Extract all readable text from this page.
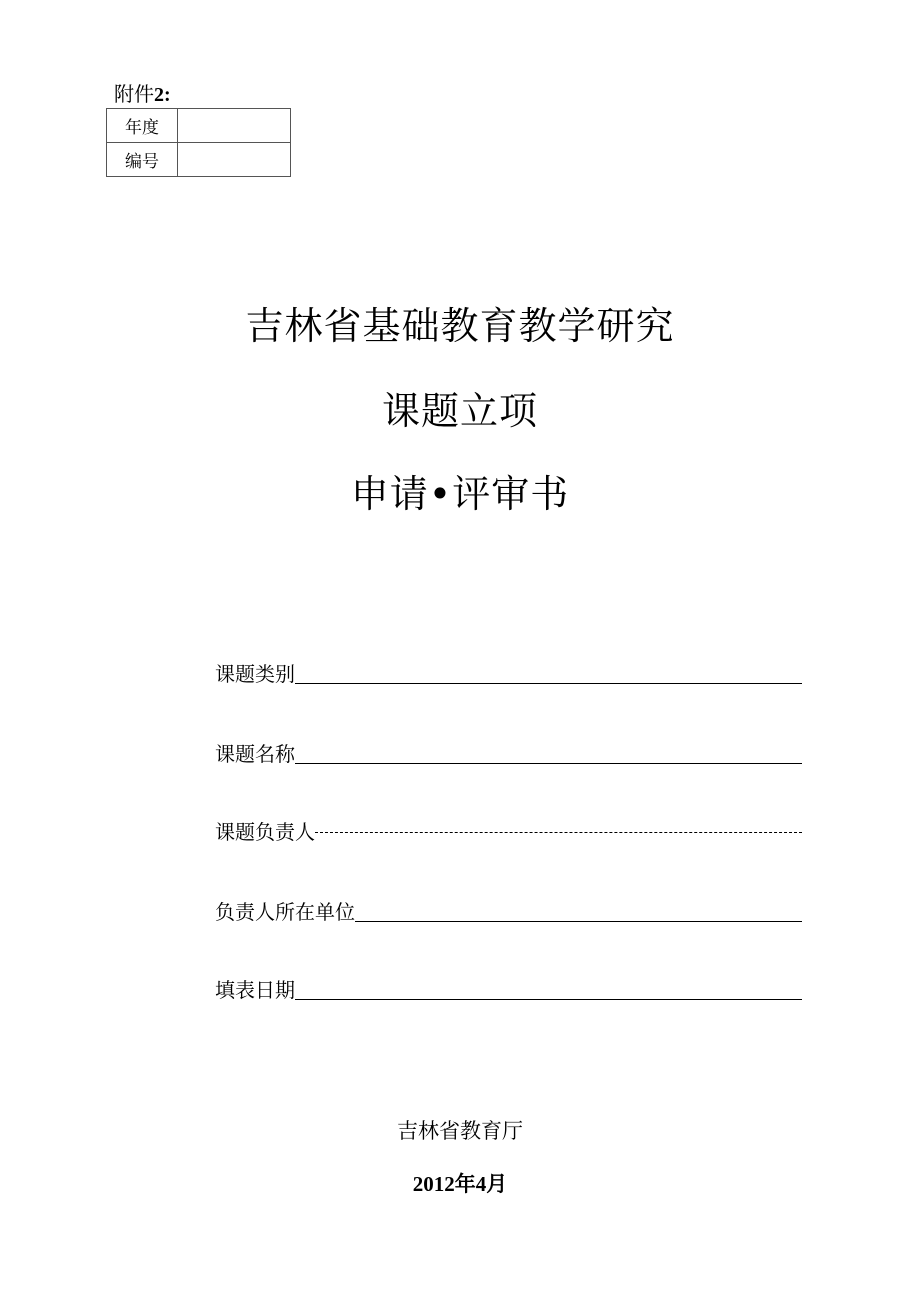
附件2:
年度	
编号	
吉林省基础教育教学研究
课题立项
申请•评审书
课题类别
课题名称
课题负责人
负责人所在单位
填表日期
吉林省教育厅
2012年4月
